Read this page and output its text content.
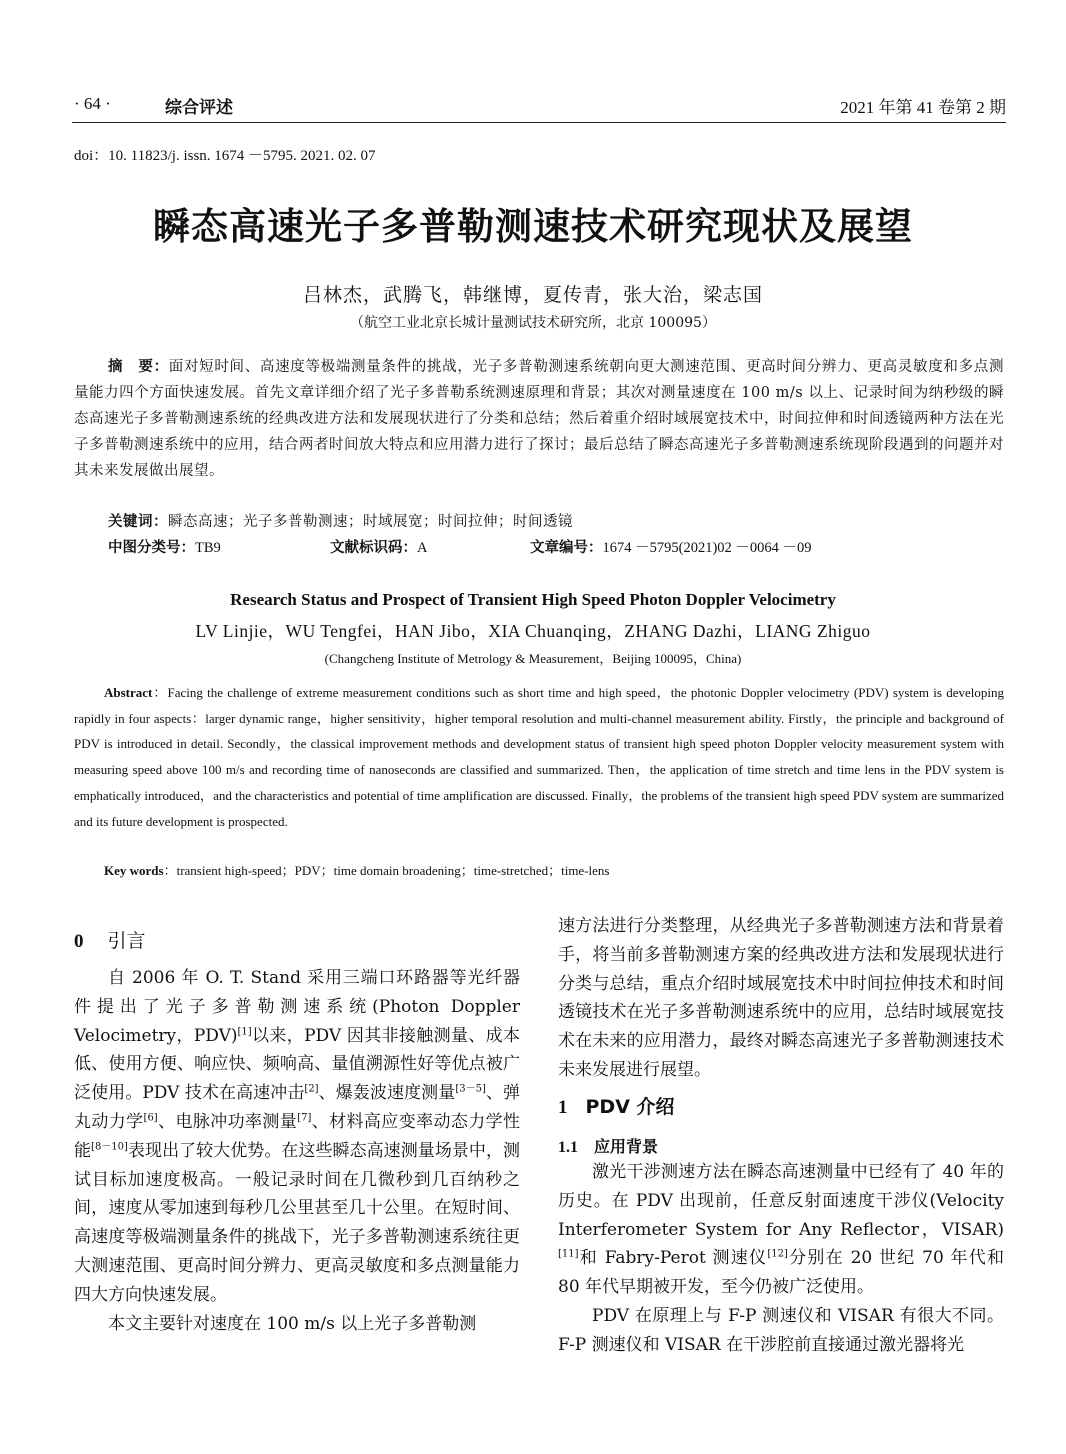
· 64 ·	综合评述	2021 年第 41 卷第 2 期
doi：10. 11823/j. issn. 1674 －5795. 2021. 02. 07
瞬态高速光子多普勒测速技术研究现状及展望
吕林杰，武腾飞，韩继博，夏传青，张大治，梁志国
（航空工业北京长城计量测试技术研究所，北京 100095）
摘　要：面对短时间、高速度等极端测量条件的挑战，光子多普勒测速系统朝向更大测速范围、更高时间分辨力、更高灵敏度和多点测量能力四个方面快速发展。首先文章详细介绍了光子多普勒系统测速原理和背景；其次对测量速度在 100 m/s 以上、记录时间为纳秒级的瞬态高速光子多普勒测速系统的经典改进方法和发展现状进行了分类和总结；然后着重介绍时域展宽技术中，时间拉伸和时间透镜两种方法在光子多普勒测速系统中的应用，结合两者时间放大特点和应用潜力进行了探讨；最后总结了瞬态高速光子多普勒测速系统现阶段遇到的问题并对其未来发展做出展望。
关键词：瞬态高速；光子多普勒测速；时域展宽；时间拉伸；时间透镜
中图分类号：TB9	文献标识码：A	文章编号：1674 －5795(2021)02 －0064 －09
Research Status and Prospect of Transient High Speed Photon Doppler Velocimetry
LV Linjie，WU Tengfei，HAN Jibo，XIA Chuanqing，ZHANG Dazhi，LIANG Zhiguo
(Changcheng Institute of Metrology & Measurement，Beijing 100095，China)
Abstract：Facing the challenge of extreme measurement conditions such as short time and high speed，the photonic Doppler velocimetry (PDV) system is developing rapidly in four aspects：larger dynamic range，higher sensitivity，higher temporal resolution and multi-channel measurement ability. Firstly，the principle and background of PDV is introduced in detail. Secondly，the classical improvement methods and development status of transient high speed photon Doppler velocity measurement system with measuring speed above 100 m/s and recording time of nanoseconds are classified and summarized. Then，the application of time stretch and time lens in the PDV system is emphatically introduced，and the characteristics and potential of time amplification are discussed. Finally，the problems of the transient high speed PDV system are summarized and its future development is prospected.
Key words：transient high-speed；PDV；time domain broadening；time-stretched；time-lens
0 引言

自 2006 年 O. T. Stand 采用三端口环路器等光纤器件提出了光子多普勒测速系统(Photon Doppler Velocimetry，PDV)[1]以来，PDV 因其非接触测量、成本低、使用方便、响应快、频响高、量值溯源性好等优点被广泛使用。PDV 技术在高速冲击[2]、爆轰波速度测量[3－5]、弹丸动力学[6]、电脉冲功率测量[7]、材料高应变率动态力学性能[8－10]表现出了较大优势。在这些瞬态高速测量场景中，测试目标加速度极高。一般记录时间在几微秒到几百纳秒之间，速度从零加速到每秒几公里甚至几十公里。在短时间、高速度等极端测量条件的挑战下，光子多普勒测速系统往更大测速范围、更高时间分辨力、更高灵敏度和多点测量能力四大方向快速发展。

本文主要针对速度在 100 m/s 以上光子多普勒测

速方法进行分类整理，从经典光子多普勒测速方法和背景着手，将当前多普勒测速方案的经典改进方法和发展现状进行分类与总结，重点介绍时域展宽技术中时间拉伸技术和时间透镜技术在光子多普勒测速系统中的应用，总结时域展宽技术在未来的应用潜力，最终对瞬态高速光子多普勒测速技术未来发展进行展望。

1 PDV 介绍
1.1 应用背景

激光干涉测速方法在瞬态高速测量中已经有了 40 年的历史。在 PDV 出现前，任意反射面速度干涉仪(Velocity Interferometer System for Any Reflector，VISAR)[11]和 Fabry-Perot 测速仪[12]分别在 20 世纪 70 年代和 80 年代早期被开发，至今仍被广泛使用。

PDV 在原理上与 F-P 测速仪和 VISAR 有很大不同。F-P 测速仪和 VISAR 在干涉腔前直接通过激光器将光
